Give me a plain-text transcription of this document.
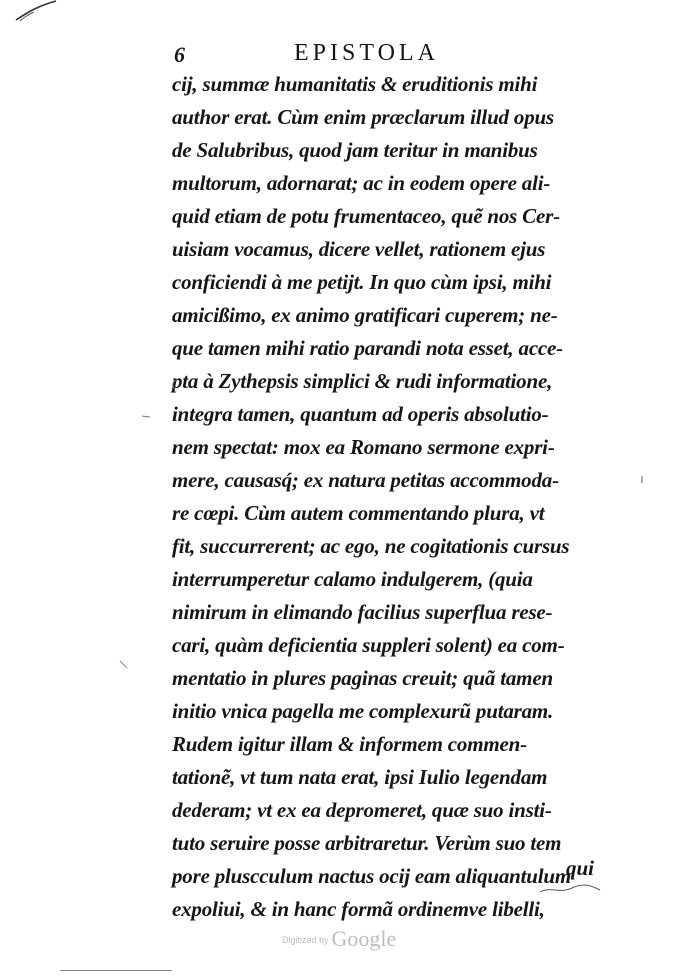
6	EPISTOLA
cij, summæ humanitatis & eruditionis mihi
author erat. Cùm enim præclarum illud opus
de Salubribus, quod jam teritur in manibus
multorum, adornarat; ac in eodem opere ali-
quid etiam de potu frumentaceo, quẽ nos Cer-
uisiam vocamus, dicere vellet, rationem ejus
conficiendi à me petijt. In quo cùm ipsi, mihi
amicißimo, ex animo gratificari cuperem; ne-
que tamen mihi ratio parandi nota esset, acce-
pta à Zythepsis simplici & rudi informatione,
integra tamen, quantum ad operis absolutio-
nem spectat: mox ea Romano sermone expri-
mere, causasq́; ex natura petitas accommoda-
re cœpi. Cùm autem commentando plura, vt
fit, succurrerent; ac ego, ne cogitationis cursus
interrumperetur calamo indulgerem, (quia
nimirum in elimando facilius superflua rese-
cari, quàm deficientia suppleri solent) ea com-
mentatio in plures paginas creuit; quã tamen
initio vnica pagella me complexurũ putaram.
Rudem igitur illam & informem commen-
tationẽ, vt tum nata erat, ipsi Iulio legendam
dederam; vt ex ea depromeret, quæ suo insti-
tuto seruire posse arbitraretur. Verùm suo tem
pore pluscculum nactus ocij eam aliquantulum
expoliui, & in hanc formã ordinemve libelli,
qui
Digitized by Google
